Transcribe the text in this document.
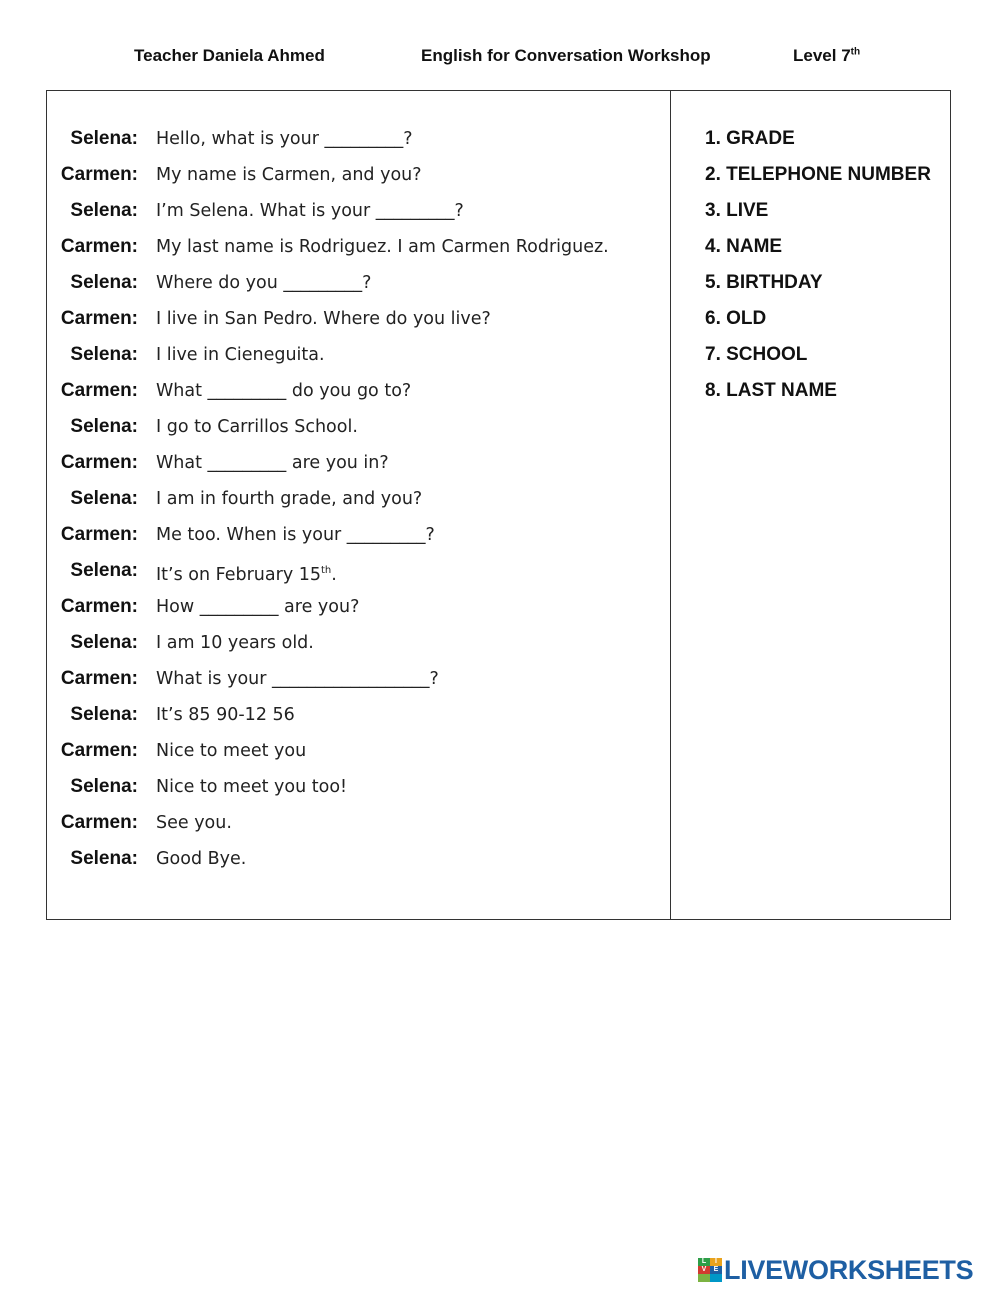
Teacher Daniela Ahmed	English for Conversation Workshop	Level 7th
Selena: Hello, what is your _________?
Carmen: My name is Carmen, and you?
Selena: I’m Selena. What is your _________?
Carmen: My last name is Rodriguez. I am Carmen Rodriguez.
Selena: Where do you _________?
Carmen: I live in San Pedro. Where do you live?
Selena: I live in Cieneguita.
Carmen: What _________ do you go to?
Selena: I go to Carrillos School.
Carmen: What _________ are you in?
Selena: I am in fourth grade, and you?
Carmen: Me too. When is your _________?
Selena: It’s on February 15th.
Carmen: How _________ are you?
Selena: I am 10 years old.
Carmen: What is your __________________?
Selena: It’s 85 90-12 56
Carmen: Nice to meet you
Selena: Nice to meet you too!
Carmen: See you.
Selena: Good Bye.
1. GRADE
2. TELEPHONE NUMBER
3. LIVE
4. NAME
5. BIRTHDAY
6. OLD
7. SCHOOL
8. LAST NAME
L	I
V	E LIVEWORKSHEETS
